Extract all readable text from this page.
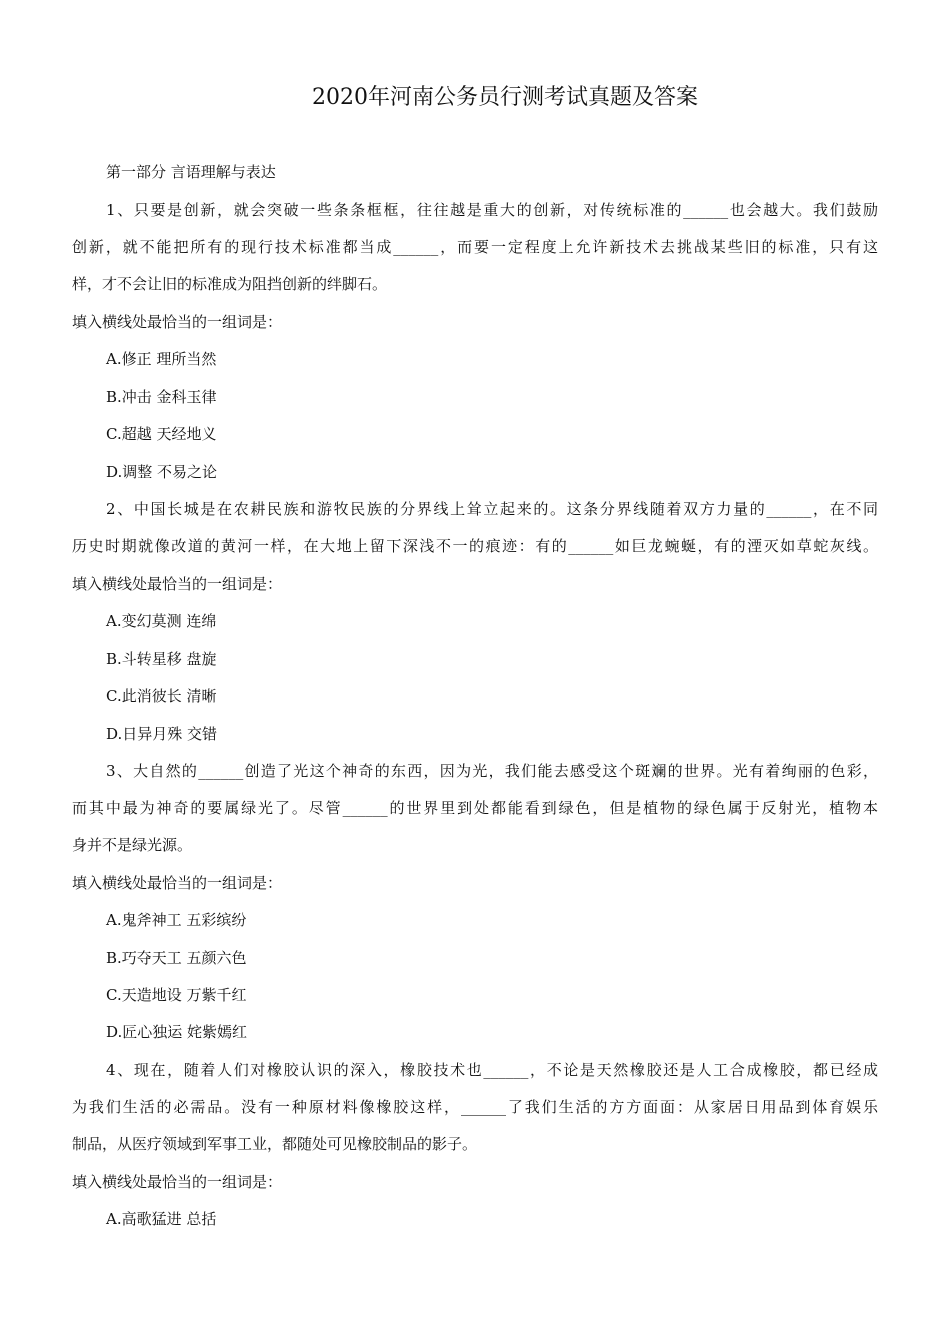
2020年河南公务员行测考试真题及答案
第一部分 言语理解与表达
1、只要是创新，就会突破一些条条框框，往往越是重大的创新，对传统标准的______也会越大。我们鼓励
创新，就不能把所有的现行技术标准都当成______，而要一定程度上允许新技术去挑战某些旧的标准，只有这
样，才不会让旧的标准成为阻挡创新的绊脚石。
填入横线处最恰当的一组词是：
A.修正 理所当然
B.冲击 金科玉律
C.超越 天经地义
D.调整 不易之论
2、中国长城是在农耕民族和游牧民族的分界线上耸立起来的。这条分界线随着双方力量的______，在不同
历史时期就像改道的黄河一样，在大地上留下深浅不一的痕迹：有的______如巨龙蜿蜒，有的湮灭如草蛇灰线。
填入横线处最恰当的一组词是：
A.变幻莫测 连绵
B.斗转星移 盘旋
C.此消彼长 清晰
D.日异月殊 交错
3、大自然的______创造了光这个神奇的东西，因为光，我们能去感受这个斑斓的世界。光有着绚丽的色彩，
而其中最为神奇的要属绿光了。尽管______的世界里到处都能看到绿色，但是植物的绿色属于反射光，植物本
身并不是绿光源。
填入横线处最恰当的一组词是：
A.鬼斧神工 五彩缤纷
B.巧夺天工 五颜六色
C.天造地设 万紫千红
D.匠心独运 姹紫嫣红
4、现在，随着人们对橡胶认识的深入，橡胶技术也______，不论是天然橡胶还是人工合成橡胶，都已经成
为我们生活的必需品。没有一种原材料像橡胶这样，______了我们生活的方方面面：从家居日用品到体育娱乐
制品，从医疗领域到军事工业，都随处可见橡胶制品的影子。
填入横线处最恰当的一组词是：
A.高歌猛进 总括
